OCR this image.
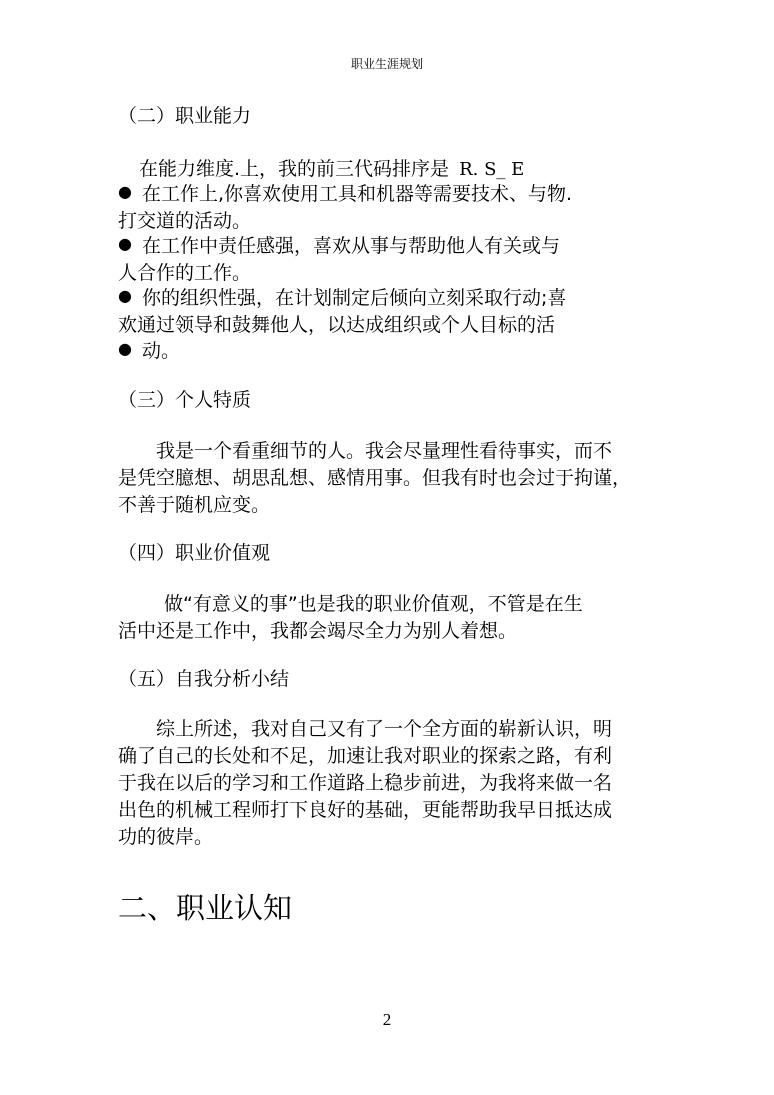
职业生涯规划
（二）职业能力
在能力维度.上，我的前三代码排序是 R. S_ E
● 在工作上,你喜欢使用工具和机器等需要技术、与物.
打交道的活动。
● 在工作中责任感强，喜欢从事与帮助他人有关或与
人合作的工作。
● 你的组织性强，在计划制定后倾向立刻采取行动;喜
欢通过领导和鼓舞他人，以达成组织或个人目标的活
● 动。
（三）个人特质
我是一个看重细节的人。我会尽量理性看待事实，而不
是凭空臆想、胡思乱想、感情用事。但我有时也会过于拘谨，
不善于随机应变。
（四）职业价值观
做“有意义的事”也是我的职业价值观，不管是在生
活中还是工作中，我都会竭尽全力为别人着想。
（五）自我分析小结
综上所述，我对自己又有了一个全方面的崭新认识，明
确了自己的长处和不足，加速让我对职业的探索之路，有利
于我在以后的学习和工作道路上稳步前进，为我将来做一名
出色的机械工程师打下良好的基础，更能帮助我早日抵达成
功的彼岸。
二、职业认知
2
